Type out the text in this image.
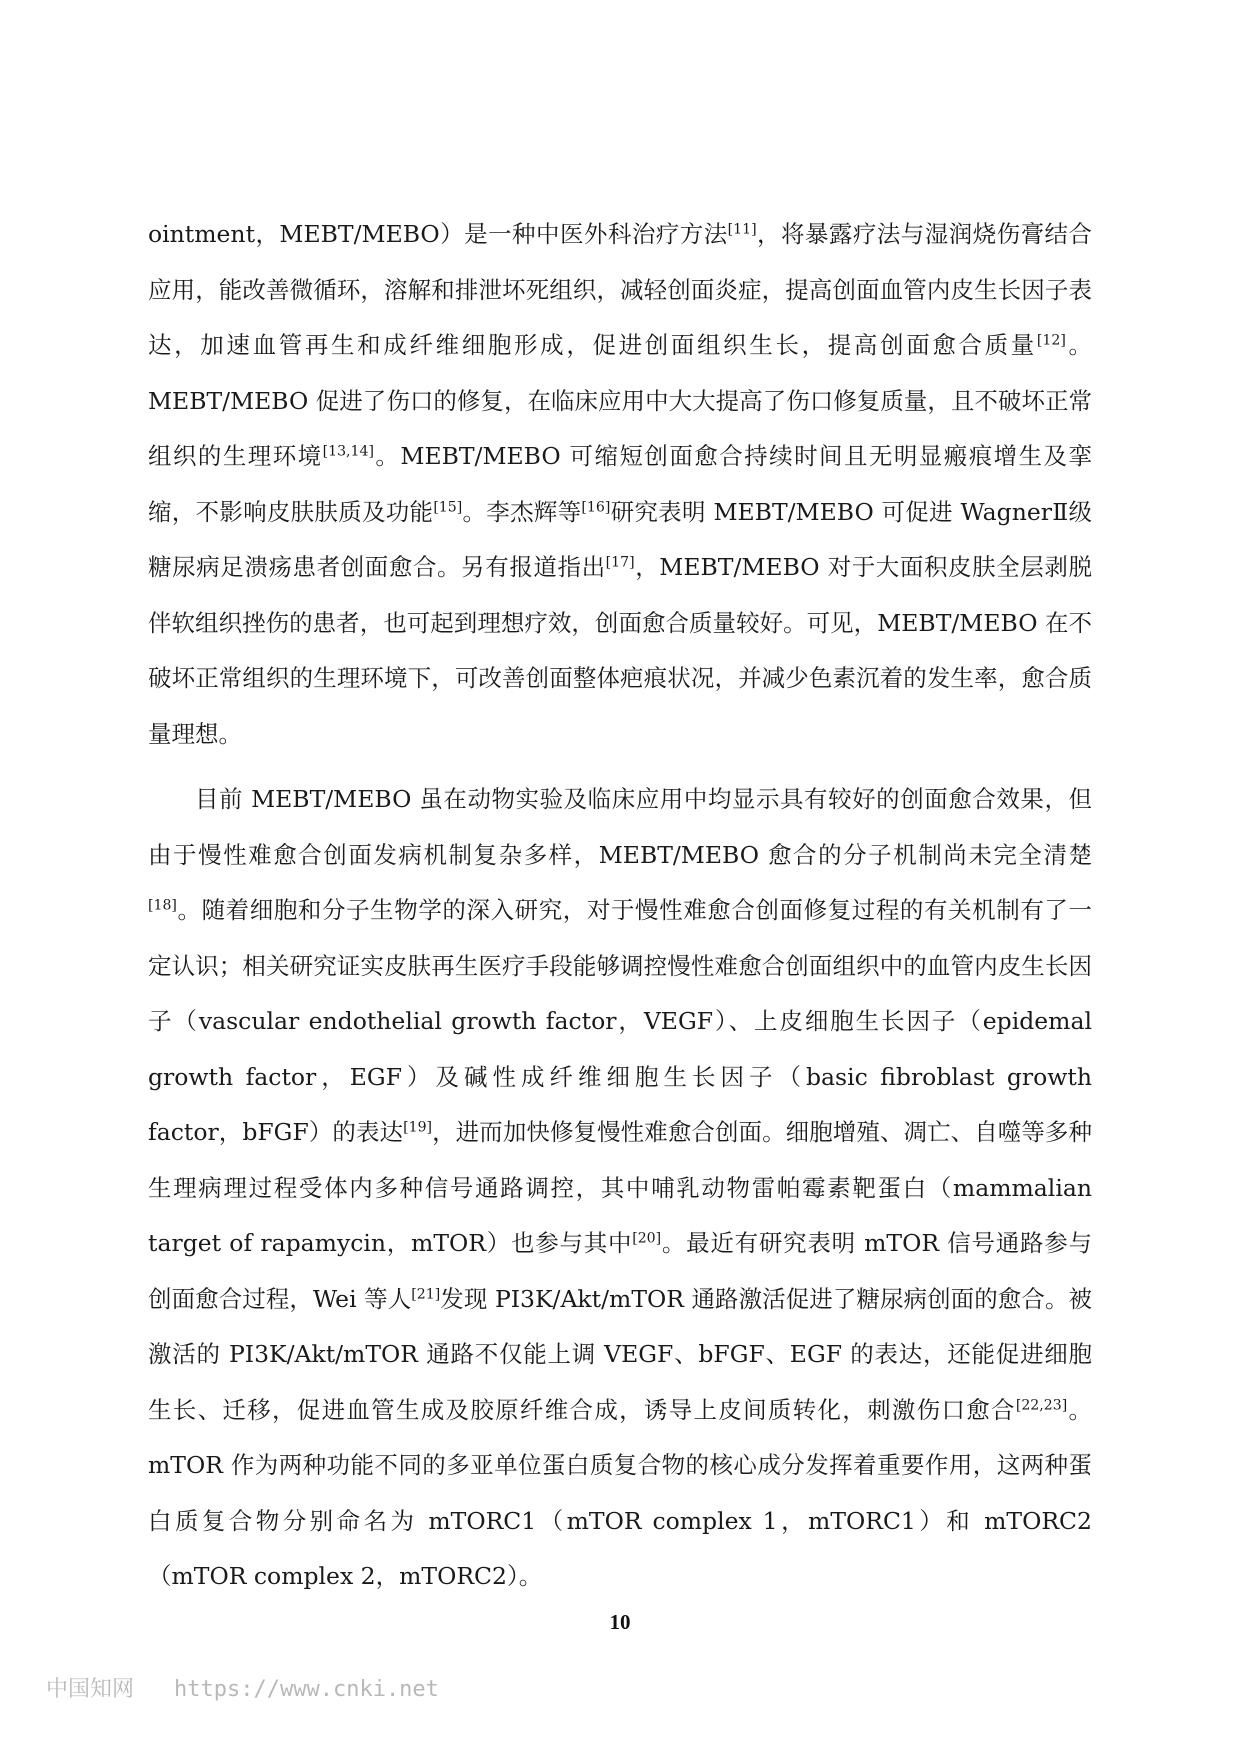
ointment，MEBT/MEBO）是一种中医外科治疗方法[11]，将暴露疗法与湿润烧伤膏结合应用，能改善微循环，溶解和排泄坏死组织，减轻创面炎症，提高创面血管内皮生长因子表达，加速血管再生和成纤维细胞形成，促进创面组织生长，提高创面愈合质量[12]。MEBT/MEBO 促进了伤口的修复，在临床应用中大大提高了伤口修复质量，且不破坏正常组织的生理环境[13,14]。MEBT/MEBO 可缩短创面愈合持续时间且无明显瘢痕增生及挛缩，不影响皮肤肤质及功能[15]。李杰辉等[16]研究表明 MEBT/MEBO 可促进 WagnerⅡ级糖尿病足溃疡患者创面愈合。另有报道指出[17]，MEBT/MEBO 对于大面积皮肤全层剥脱伴软组织挫伤的患者，也可起到理想疗效，创面愈合质量较好。可见，MEBT/MEBO 在不破坏正常组织的生理环境下，可改善创面整体疤痕状况，并减少色素沉着的发生率，愈合质量理想。

目前 MEBT/MEBO 虽在动物实验及临床应用中均显示具有较好的创面愈合效果，但由于慢性难愈合创面发病机制复杂多样，MEBT/MEBO 愈合的分子机制尚未完全清楚[18]。随着细胞和分子生物学的深入研究，对于慢性难愈合创面修复过程的有关机制有了一定认识；相关研究证实皮肤再生医疗手段能够调控慢性难愈合创面组织中的血管内皮生长因子（vascular endothelial growth factor，VEGF）、上皮细胞生长因子（epidemal growth factor，EGF）及碱性成纤维细胞生长因子（basic fibroblast growth factor，bFGF）的表达[19]，进而加快修复慢性难愈合创面。细胞增殖、凋亡、自噬等多种生理病理过程受体内多种信号通路调控，其中哺乳动物雷帕霉素靶蛋白（mammalian target of rapamycin，mTOR）也参与其中[20]。最近有研究表明 mTOR 信号通路参与创面愈合过程，Wei 等人[21]发现 PI3K/Akt/mTOR 通路激活促进了糖尿病创面的愈合。被激活的 PI3K/Akt/mTOR 通路不仅能上调 VEGF、bFGF、EGF 的表达，还能促进细胞生长、迁移，促进血管生成及胶原纤维合成，诱导上皮间质转化，刺激伤口愈合[22,23]。mTOR 作为两种功能不同的多亚单位蛋白质复合物的核心成分发挥着重要作用，这两种蛋白质复合物分别命名为 mTORC1（mTOR complex 1，mTORC1）和 mTORC2（mTOR complex 2，mTORC2）。

10
中国知网 https://www.cnki.net
